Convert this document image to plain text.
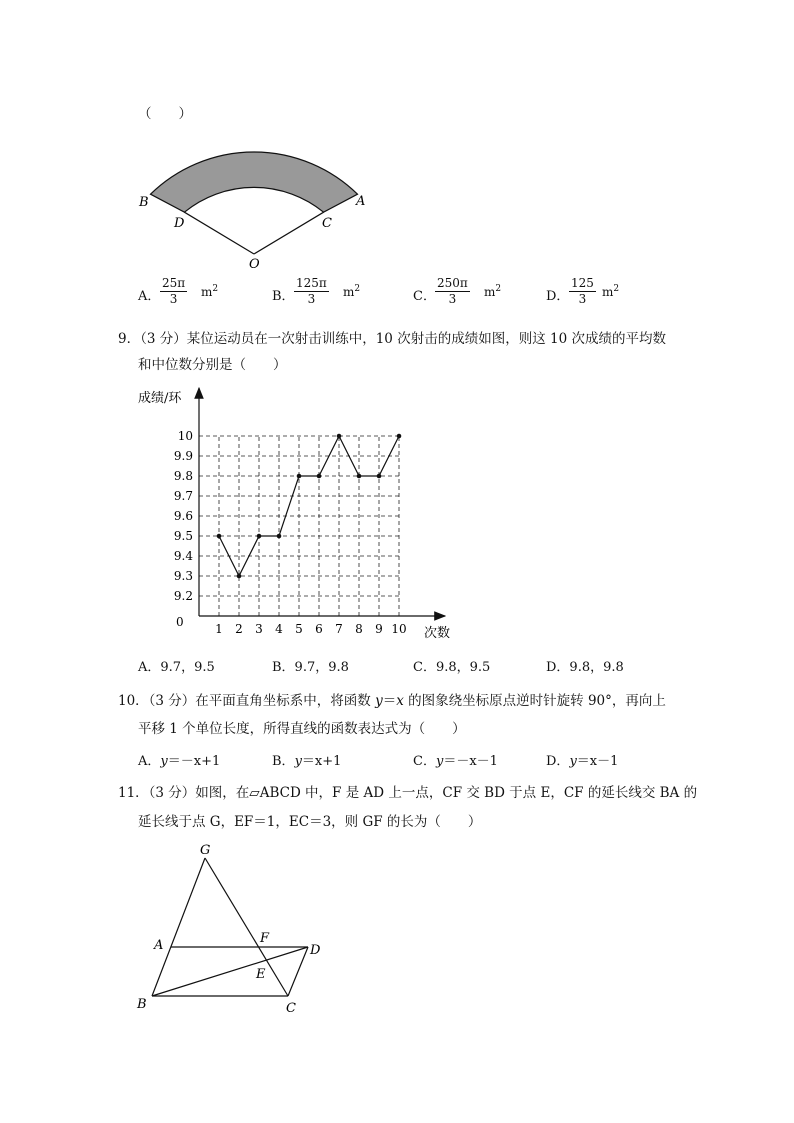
（　　）
B
D
O
C
A
A． $\frac{25\pi}{3} m^2$	B． $\frac{125\pi}{3} m^2$	C． $\frac{250\pi}{3} m^2$	D． $\frac{125}{3} m^2$
9．（3 分）某位运动员在一次射击训练中，10 次射击的成绩如图，则这 10 次成绩的平均数
和中位数分别是（　　）
成绩/环
次数
0	1 2 3 4 5 6 7 8 9 10
9.2
9.3
9.4
9.5
9.6
9.7
9.8
9.9
10
A．9.7，9.5	B．9.7，9.8	C．9.8，9.5	D．9.8，9.8
10．（3 分）在平面直角坐标系中，将函数 y＝x 的图象绕坐标原点逆时针旋转 90°，再向上
平移 1 个单位长度，所得直线的函数表达式为（　　）
A．y＝－x+1	B．y＝x+1	C．y＝－x－1	D．y＝x－1
11．（3 分）如图，在▱ABCD 中，F 是 AD 上一点，CF 交 BD 于点 E，CF 的延长线交 BA 的
延长线于点 G，EF＝1，EC＝3，则 GF 的长为（　　）
G
A	F
D
E
B	C
